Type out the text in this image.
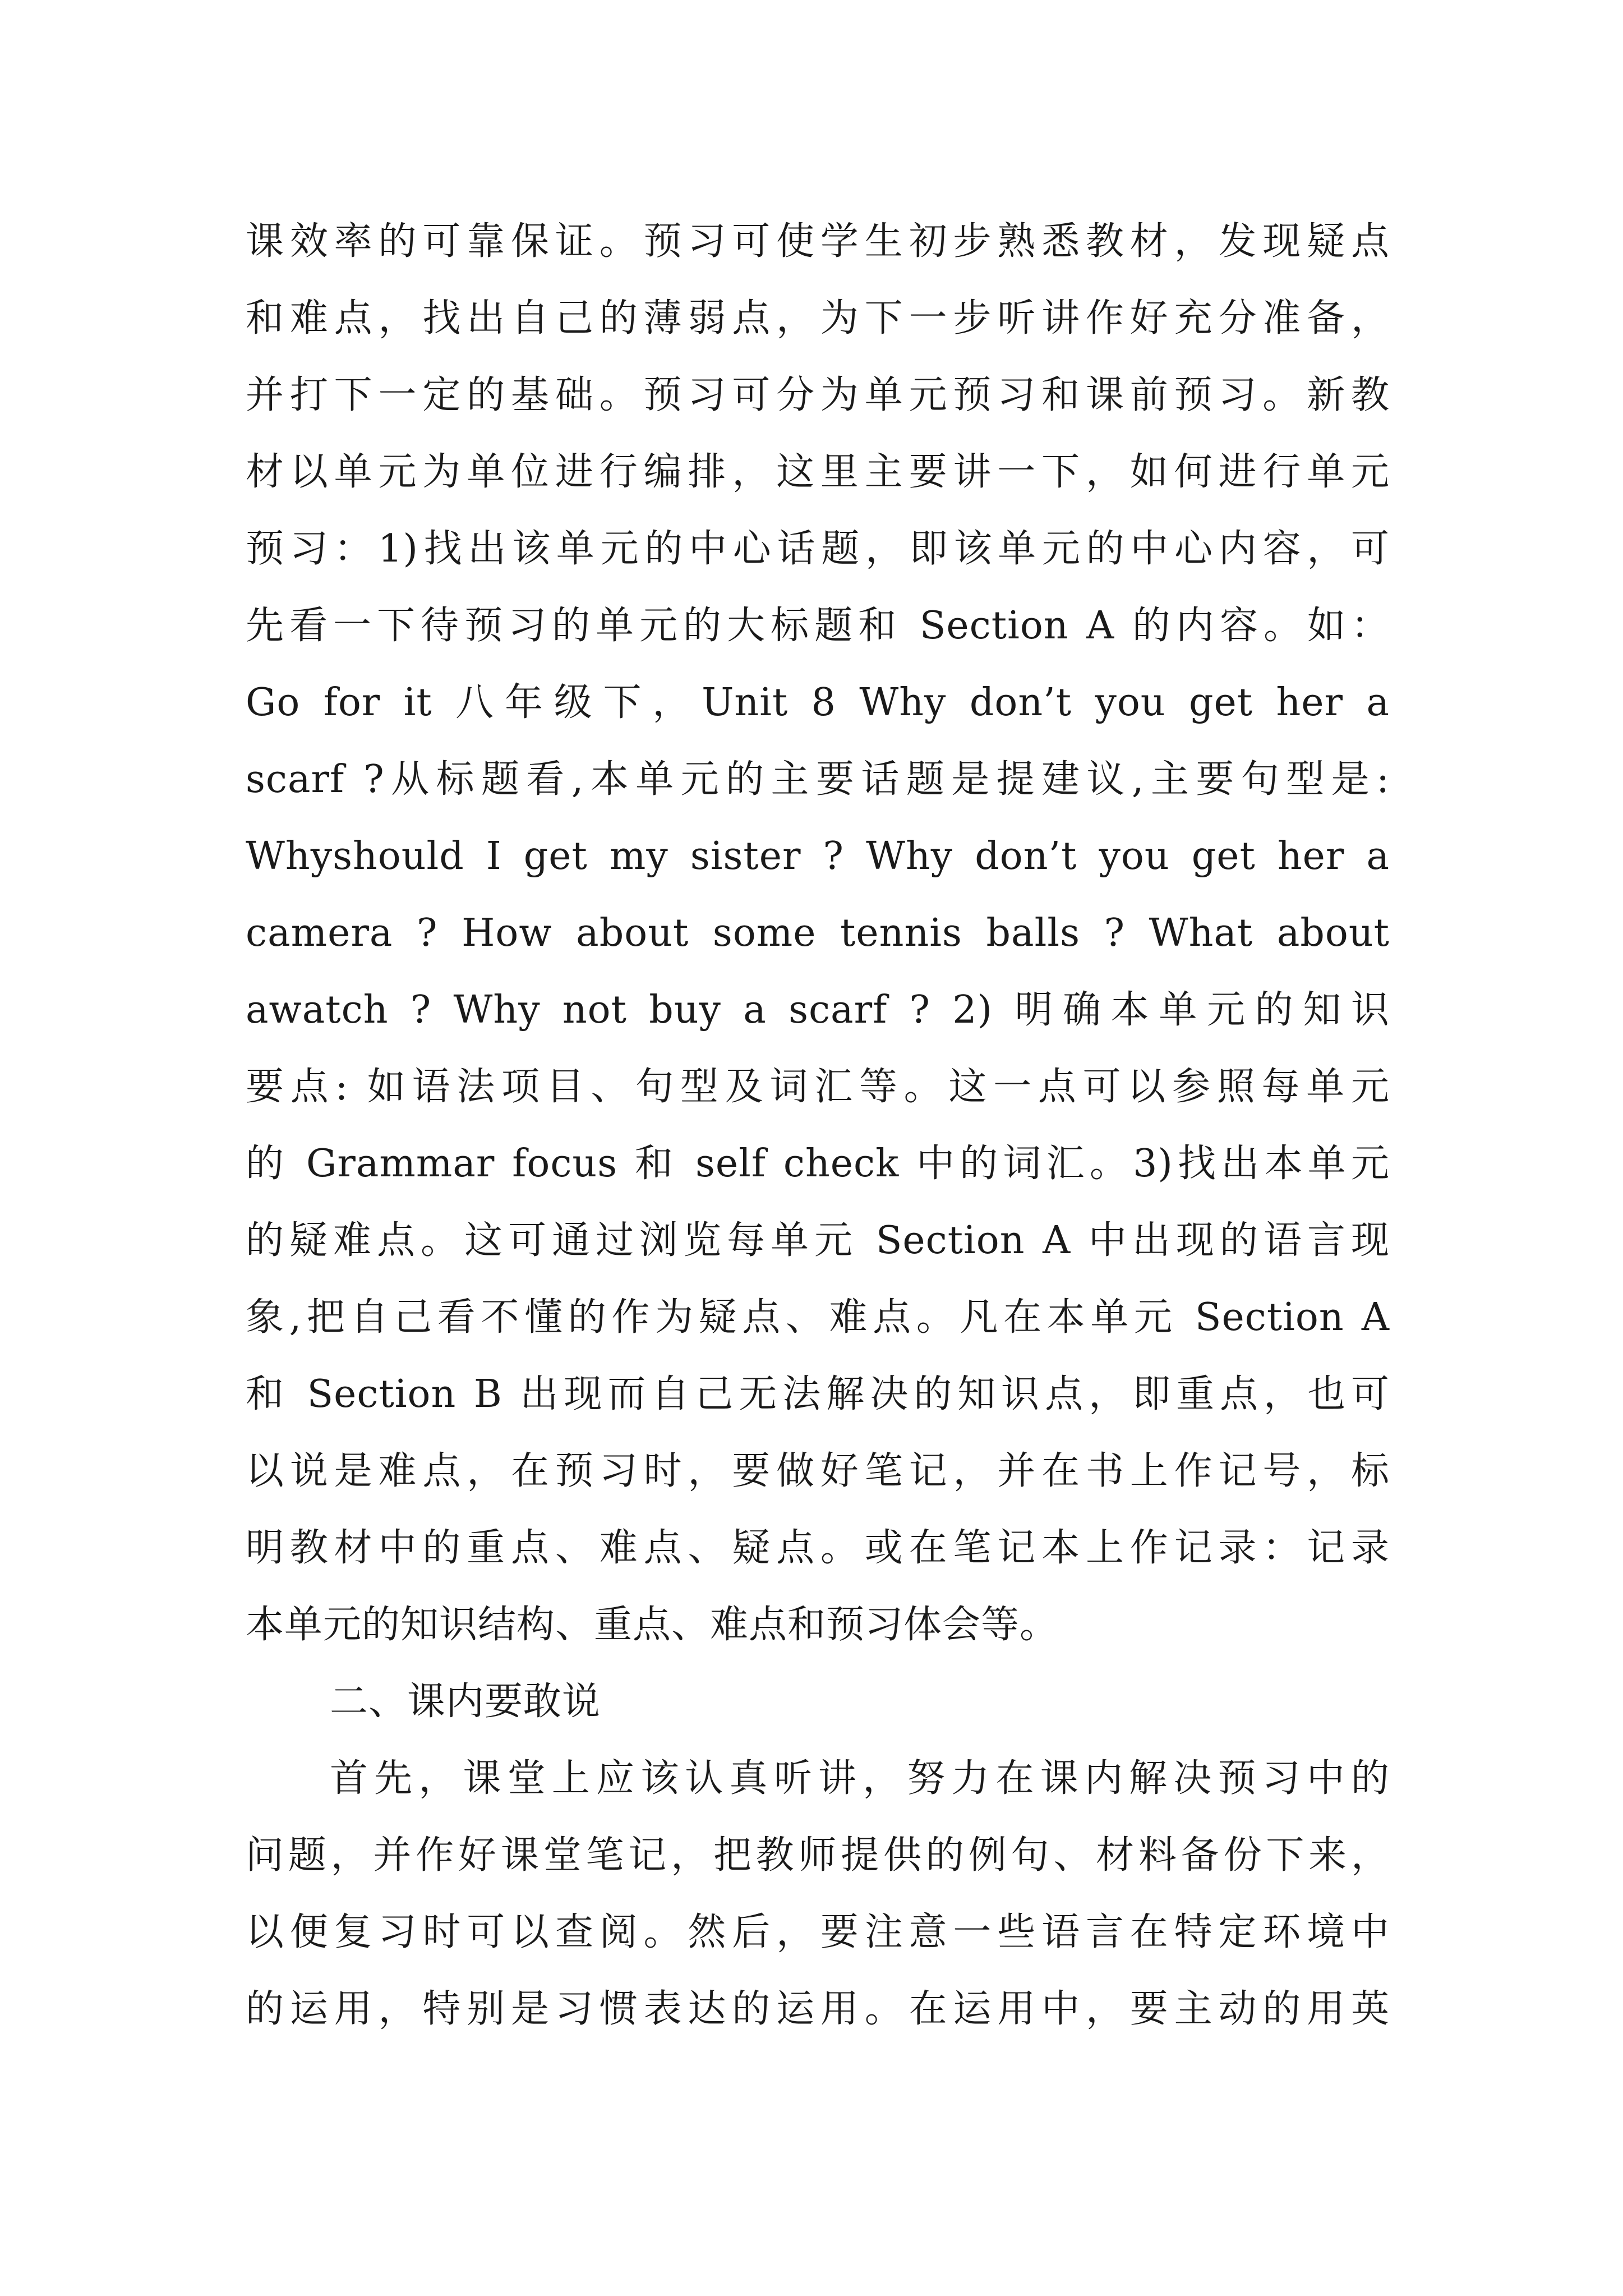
课效率的可靠保证。预习可使学生初步熟悉教材，发现疑点
和难点，找出自己的薄弱点，为下一步听讲作好充分准备，
并打下一定的基础。预习可分为单元预习和课前预习。新教
材以单元为单位进行编排，这里主要讲一下，如何进行单元
预习：1)找出该单元的中心话题，即该单元的中心内容，可
先看一下待预习的单元的大标题和 Section A 的内容。如：
Go for it 八年级下，Unit 8 Why don’t you get her a
scarf ?从标题看,本单元的主要话题是提建议,主要句型是:
Whyshould I get my sister ? Why don’t you get her a
camera ? How about some tennis balls ? What about
awatch ? Why not buy a scarf ? 2) 明确本单元的知识
要点: 如语法项目、句型及词汇等。这一点可以参照每单元
的 Grammar focus 和 self check 中的词汇。3)找出本单元
的疑难点。这可通过浏览每单元 Section A 中出现的语言现
象,把自己看不懂的作为疑点、难点。凡在本单元 Section A
和 Section B 出现而自己无法解决的知识点，即重点，也可
以说是难点，在预习时，要做好笔记，并在书上作记号，标
明教材中的重点、难点、疑点。或在笔记本上作记录：记录
本单元的知识结构、重点、难点和预习体会等。
二、课内要敢说
首先，课堂上应该认真听讲，努力在课内解决预习中的
问题，并作好课堂笔记，把教师提供的例句、材料备份下来，
以便复习时可以查阅。然后，要注意一些语言在特定环境中
的运用，特别是习惯表达的运用。在运用中，要主动的用英
